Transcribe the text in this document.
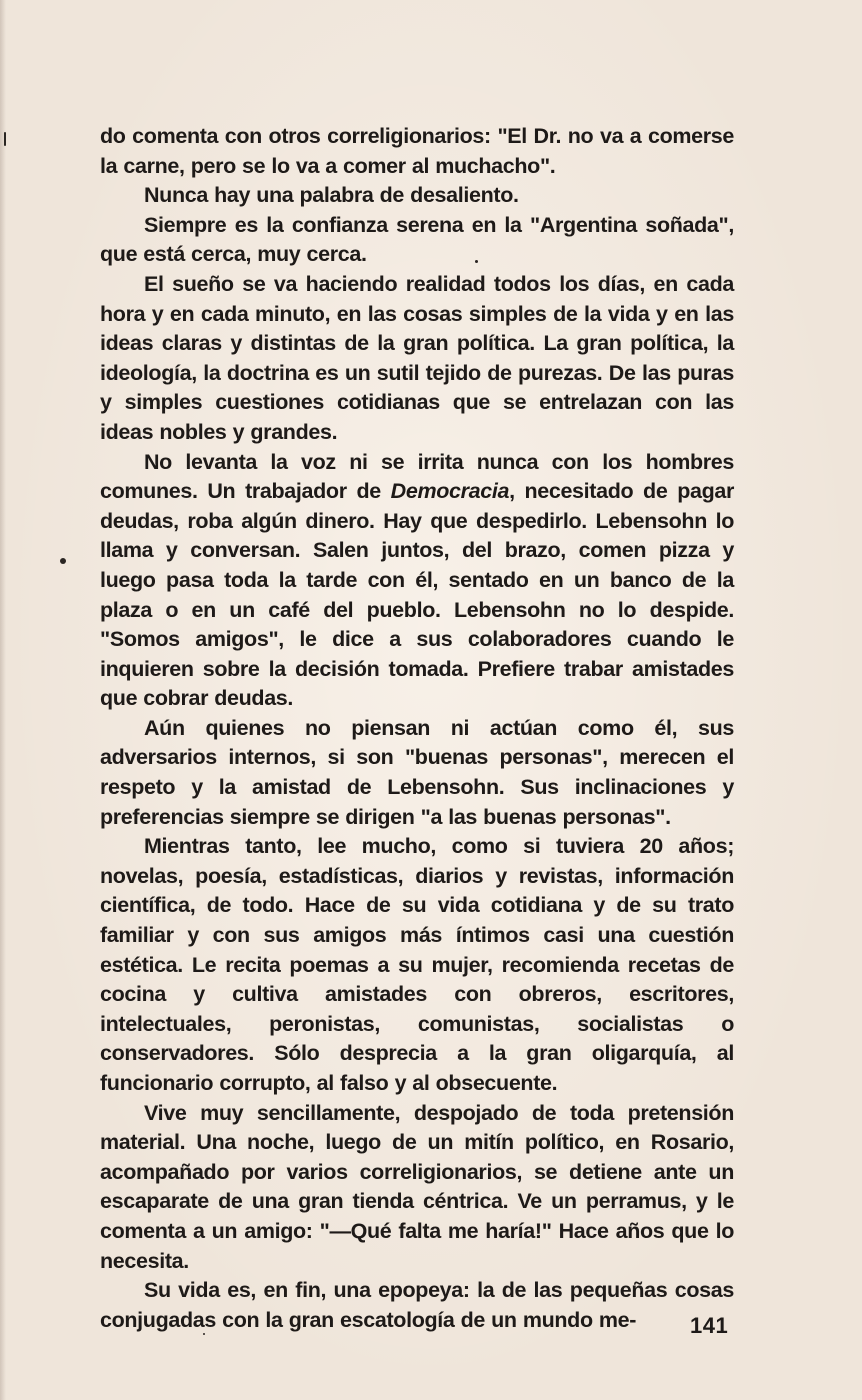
do comenta con otros correligionarios: "El Dr. no va a comerse la carne, pero se lo va a comer al muchacho".

Nunca hay una palabra de desaliento.

Siempre es la confianza serena en la "Argentina soñada", que está cerca, muy cerca.

El sueño se va haciendo realidad todos los días, en cada hora y en cada minuto, en las cosas simples de la vida y en las ideas claras y distintas de la gran política. La gran política, la ideología, la doctrina es un sutil tejido de purezas. De las puras y simples cuestiones cotidianas que se entrelazan con las ideas nobles y grandes.

No levanta la voz ni se irrita nunca con los hombres comunes. Un trabajador de Democracia, necesitado de pagar deudas, roba algún dinero. Hay que despedirlo. Lebensohn lo llama y conversan. Salen juntos, del brazo, comen pizza y luego pasa toda la tarde con él, sentado en un banco de la plaza o en un café del pueblo. Lebensohn no lo despide. "Somos amigos", le dice a sus colaboradores cuando le inquieren sobre la decisión tomada. Prefiere trabar amistades que cobrar deudas.

Aún quienes no piensan ni actúan como él, sus adversarios internos, si son "buenas personas", merecen el respeto y la amistad de Lebensohn. Sus inclinaciones y preferencias siempre se dirigen "a las buenas personas".

Mientras tanto, lee mucho, como si tuviera 20 años; novelas, poesía, estadísticas, diarios y revistas, información científica, de todo. Hace de su vida cotidiana y de su trato familiar y con sus amigos más íntimos casi una cuestión estética. Le recita poemas a su mujer, recomienda recetas de cocina y cultiva amistades con obreros, escritores, intelectuales, peronistas, comunistas, socialistas o conservadores. Sólo desprecia a la gran oligarquía, al funcionario corrupto, al falso y al obsecuente.

Vive muy sencillamente, despojado de toda pretensión material. Una noche, luego de un mitín político, en Rosario, acompañado por varios correligionarios, se detiene ante un escaparate de una gran tienda céntrica. Ve un perramus, y le comenta a un amigo: "—Qué falta me haría!" Hace años que lo necesita.

Su vida es, en fin, una epopeya: la de las pequeñas cosas conjugadas con la gran escatología de un mundo me-	141
